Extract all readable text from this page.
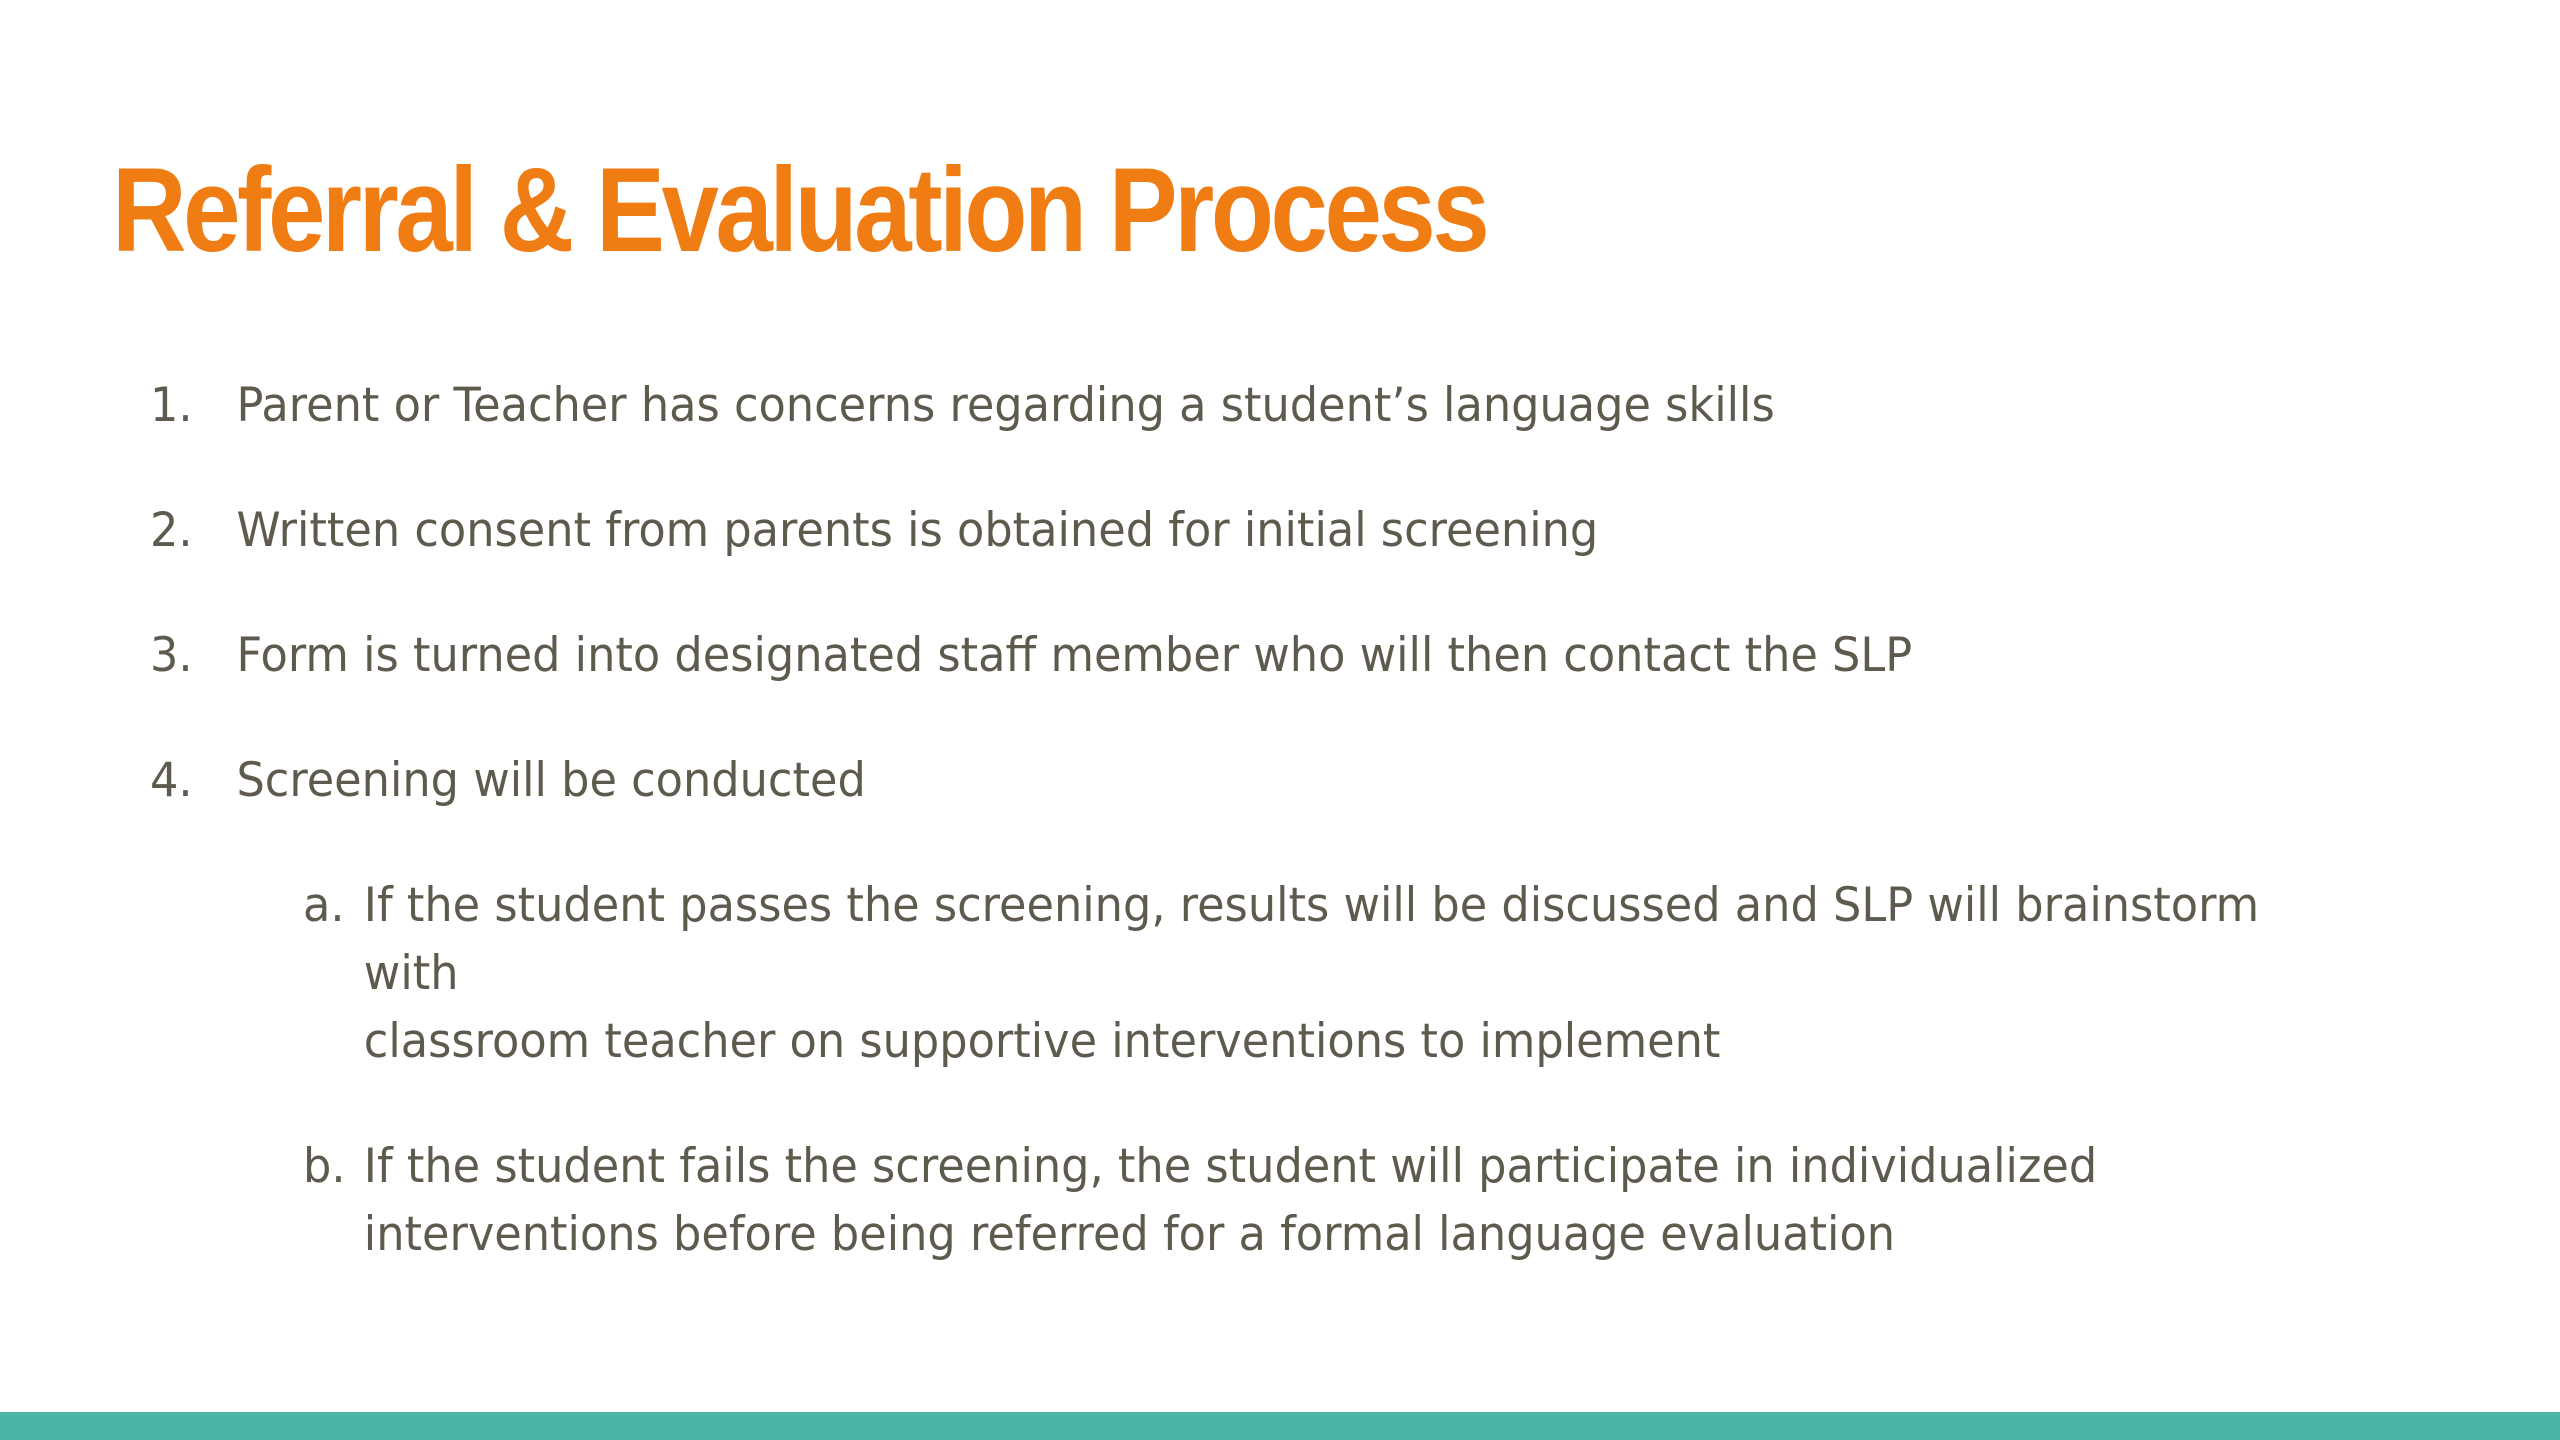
Referral & Evaluation Process
1. Parent or Teacher has concerns regarding a student’s language skills
2. Written consent from parents is obtained for initial screening
3. Form is turned into designated staff member who will then contact the SLP
4. Screening will be conducted
a. If the student passes the screening, results will be discussed and SLP will brainstorm with
classroom teacher on supportive interventions to implement
b. If the student fails the screening, the student will participate in individualized
interventions before being referred for a formal language evaluation
